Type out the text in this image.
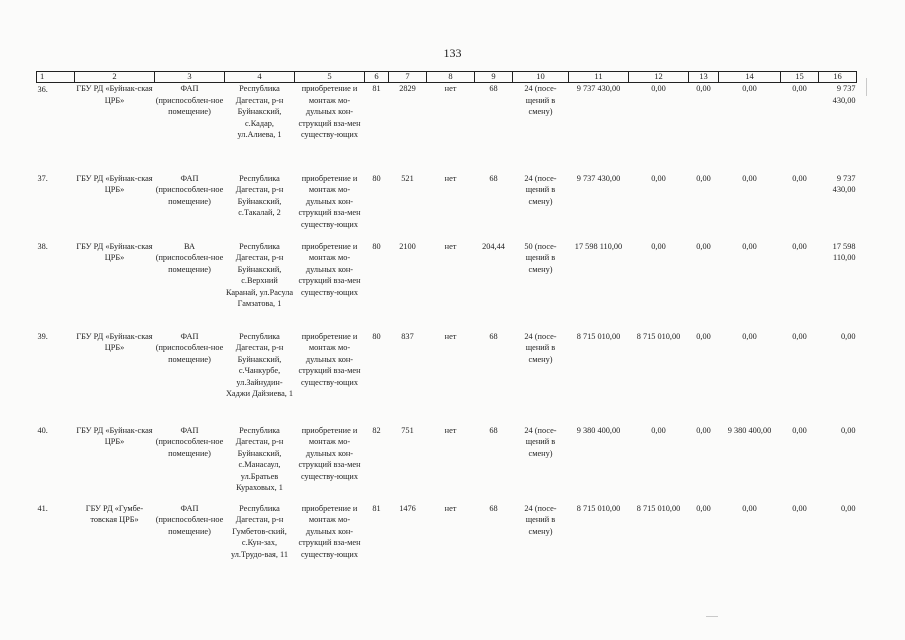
133
1	2	3	4	5	6	7	8	9	10	11	12	13	14	15	16
36.	ГБУ РД «Буйнак-ская ЦРБ»	ФАП (приспособлен-ное помещение)	Республика Дагестан, р-н Буйнакский, с.Кадар, ул.Алиева, 1	приобретение и монтаж мо-дульных кон-струкций вза-мен существу-ющих	81	2829	нет	68	24 (посе-щений в смену)	9 737 430,00	0,00	0,00	0,00	0,00	9 737 430,00
37.	ГБУ РД «Буйнак-ская ЦРБ»	ФАП (приспособлен-ное помещение)	Республика Дагестан, р-н Буйнакский, с.Такалай, 2	приобретение и монтаж мо-дульных кон-струкций вза-мен существу-ющих	80	521	нет	68	24 (посе-щений в смену)	9 737 430,00	0,00	0,00	0,00	0,00	9 737 430,00
38.	ГБУ РД «Буйнак-ская ЦРБ»	ВА (приспособлен-ное помещение)	Республика Дагестан, р-н Буйнакский, с.Верхний Каранай, ул.Расула Гамзатова, 1	приобретение и монтаж мо-дульных кон-струкций вза-мен существу-ющих	80	2100	нет	204,44	50 (посе-щений в смену)	17 598 110,00	0,00	0,00	0,00	0,00	17 598 110,00
39.	ГБУ РД «Буйнак-ская ЦРБ»	ФАП (приспособлен-ное помещение)	Республика Дагестан, р-н Буйнакский, с.Чанкурбе, ул.Зайнудин-Хаджи Дайзиева, 1	приобретение и монтаж мо-дульных кон-струкций вза-мен существу-ющих	80	837	нет	68	24 (посе-щений в смену)	8 715 010,00	8 715 010,00	0,00	0,00	0,00	0,00
40.	ГБУ РД «Буйнак-ская ЦРБ»	ФАП (приспособлен-ное помещение)	Республика Дагестан, р-н Буйнакский, с.Манасаул, ул.Братьев Кураховых, 1	приобретение и монтаж мо-дульных кон-струкций вза-мен существу-ющих	82	751	нет	68	24 (посе-щений в смену)	9 380 400,00	0,00	0,00	9 380 400,00	0,00	0,00
41.	ГБУ РД «Гумбе-товская ЦРБ»	ФАП (приспособлен-ное помещение)	Республика Дагестан, р-н Гумбетов-ский, с.Кун-зах, ул.Трудо-вая, 11	приобретение и монтаж мо-дульных кон-струкций вза-мен существу-ющих	81	1476	нет	68	24 (посе-щений в смену)	8 715 010,00	8 715 010,00	0,00	0,00	0,00	0,00
